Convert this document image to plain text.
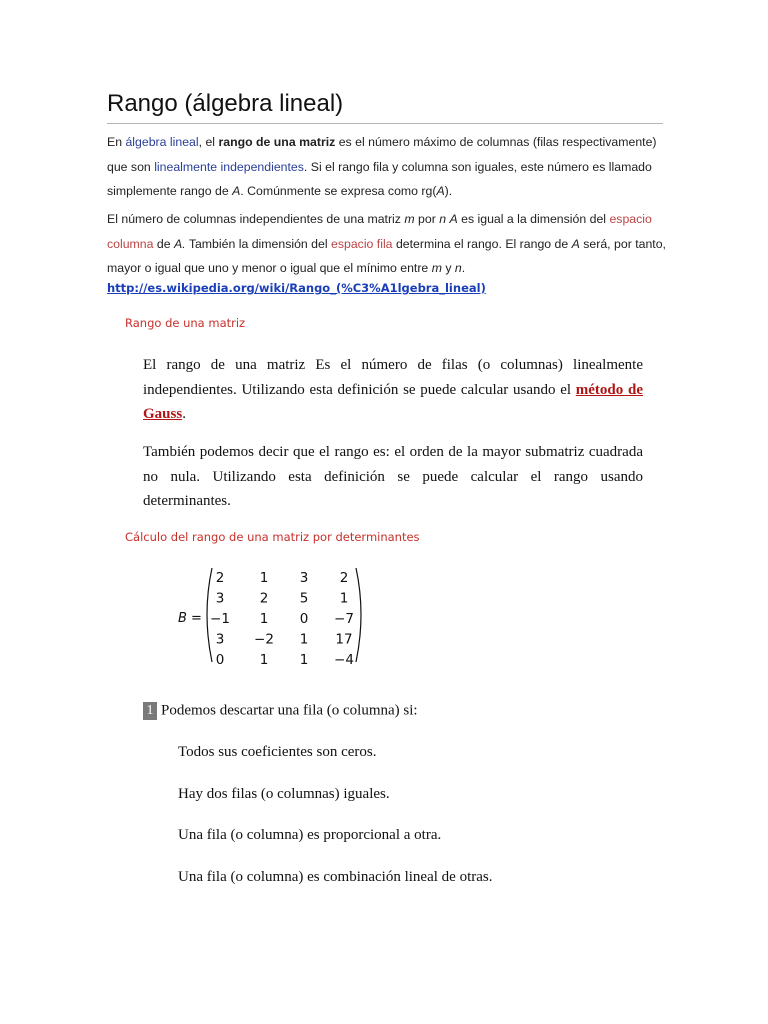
Rango (álgebra lineal)
En álgebra lineal, el rango de una matriz es el número máximo de columnas (filas respectivamente) que son linealmente independientes. Si el rango fila y columna son iguales, este número es llamado simplemente rango de A. Comúnmente se expresa como rg(A).
El número de columnas independientes de una matriz m por n A es igual a la dimensión del espacio columna de A. También la dimensión del espacio fila determina el rango. El rango de A será, por tanto, mayor o igual que uno y menor o igual que el mínimo entre m y n.
http://es.wikipedia.org/wiki/Rango_(%C3%A1lgebra_lineal)
Rango de una matriz
El rango de una matriz Es el número de filas (o columnas) linealmente independientes. Utilizando esta definición se puede calcular usando el método de Gauss.
También podemos decir que el rango es: el orden de la mayor submatriz cuadrada no nula. Utilizando esta definición se puede calcular el rango usando determinantes.
Cálculo del rango de una matriz por determinantes
B =
2	1 3 2
3	2 5 1
−1 1 0 −7
3 −2 1 17
0	1 1 −4
1 Podemos descartar una fila (o columna) si:
Todos sus coeficientes son ceros.
Hay dos filas (o columnas) iguales.
Una fila (o columna) es proporcional a otra.
Una fila (o columna) es combinación lineal de otras.
